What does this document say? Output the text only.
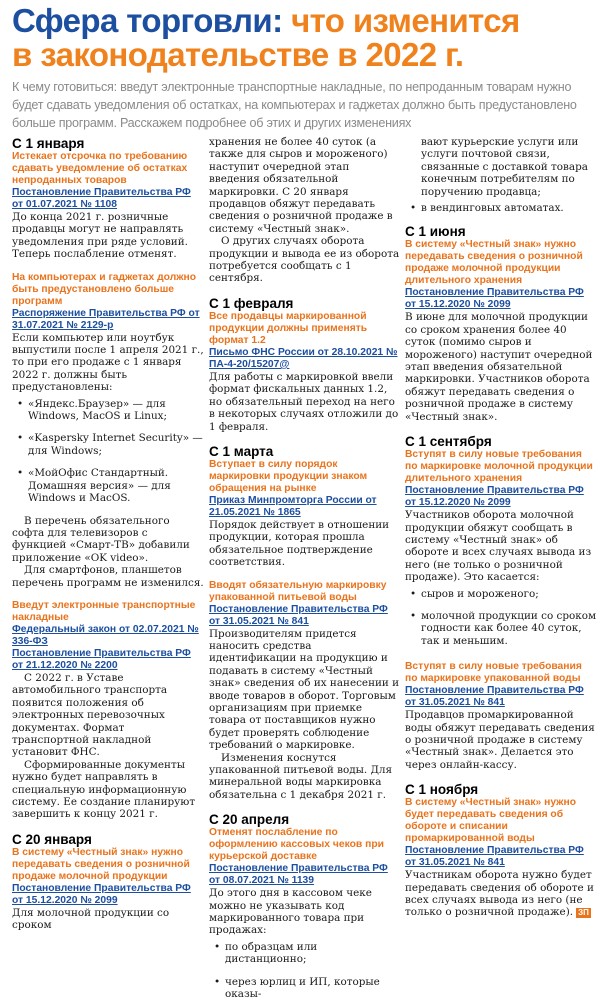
Сфера торговли: что изменится
в законодательстве в 2022 г.

К чему готовиться: введут электронные транспортные накладные, по непроданным товарам нужно будет сдавать уведомления об остатках, на компьютерах и гаджетах должно быть предустановлено больше программ. Расскажем подробнее об этих и других изменениях

С 1 января

Истекает отсрочка по требованию сдавать уведомление об остатках непроданных товаров

Постановление Правительства РФ от 01.07.2021 № 1108

До конца 2021 г. розничные продавцы могут не направлять уведомления при ряде условий. Теперь послабление отменят.

На компьютерах и гаджетах должно быть предустановлено больше программ

Распоряжение Правительства РФ от 31.07.2021 № 2129-р

Если компьютер или ноутбук выпустили после 1 апреля 2021 г., то при его продаже с 1 января 2022 г. должны быть предустановлены:

• «Яндекс.Браузер» — для Windows, MacOS и Linux;
• «Kaspersky Internet Security» — для Windows;
• «МойОфис Стандартный. Домашняя версия» — для Windows и MacOS.

В перечень обязательного софта для телевизоров с функцией «Смарт-ТВ» добавили приложение «OK video».

Для смартфонов, планшетов перечень программ не изменился.

Введут электронные транспортные накладные

Федеральный закон от 02.07.2021 № 336-ФЗ

Постановление Правительства РФ от 21.12.2020 № 2200

С 2022 г. в Уставе автомобильного транспорта появится положения об электронных перевозочных документах. Формат транспортной накладной установит ФНС.

Сформированные документы нужно будет направлять в специальную информационную систему. Ее создание планируют завершить к концу 2021 г.

С 20 января

В систему «Честный знак» нужно передавать сведения о розничной продаже молочной продукции

Постановление Правительства РФ от 15.12.2020 № 2099

Для молочной продукции со сроком

хранения не более 40 суток (а также для сыров и мороженого) наступит очередной этап введения обязательной маркировки. С 20 января продавцов обяжут передавать сведения о розничной продаже в систему «Честный знак».

О других случаях оборота продукции и вывода ее из оборота потребуется сообщать с 1 сентября.

С 1 февраля

Все продавцы маркированной продукции должны применять формат 1.2

Письмо ФНС России от 28.10.2021 № ПА-4-20/15207@

Для работы с маркировкой ввели формат фискальных данных 1.2, но обязательный переход на него в некоторых случаях отложили до 1 февраля.

С 1 марта

Вступает в силу порядок маркировки продукции знаком обращения на рынке

Приказ Минпромторга России от 21.05.2021 № 1865

Порядок действует в отношении продукции, которая прошла обязательное подтверждение соответствия.

Вводят обязательную маркировку упакованной питьевой воды

Постановление Правительства РФ от 31.05.2021 № 841

Производителям придется наносить средства идентификации на продукцию и подавать в систему «Честный знак» сведения об их нанесении и вводе товаров в оборот. Торговым организациям при приемке товара от поставщиков нужно будет проверять соблюдение требований о маркировке.

Изменения коснутся упакованной питьевой воды. Для минеральной воды маркировка обязательна с 1 декабря 2021 г.

С 20 апреля

Отменят послабление по оформлению кассовых чеков при курьерской доставке

Постановление Правительства РФ от 08.07.2021 № 1139

До этого дня в кассовом чеке можно не указывать код маркированного товара при продажах:

• по образцам или дистанционно;
• через юрлиц и ИП, которые оказы-

вают курьерские услуги или услуги почтовой связи, связанные с доставкой товара конечным потребителям по поручению продавца;

• в вендинговых автоматах.

С 1 июня

В систему «Честный знак» нужно передавать сведения о розничной продаже молочной продукции длительного хранения

Постановление Правительства РФ от 15.12.2020 № 2099

В июне для молочной продукции со сроком хранения более 40 суток (помимо сыров и мороженого) наступит очередной этап введения обязательной маркировки. Участников оборота обяжут передавать сведения о розничной продаже в систему «Честный знак».

С 1 сентября

Вступят в силу новые требования по маркировке молочной продукции длительного хранения

Постановление Правительства РФ от 15.12.2020 № 2099

Участников оборота молочной продукции обяжут сообщать в систему «Честный знак» об обороте и всех случаях вывода из него (не только о розничной продаже). Это касается:

• сыров и мороженого;
• молочной продукции со сроком годности как более 40 суток, так и меньшим.

Вступят в силу новые требования по маркировке упакованной воды

Постановление Правительства РФ от 31.05.2021 № 841

Продавцов промаркированной воды обяжут передавать сведения о розничной продаже в систему «Честный знак». Делается это через онлайн-кассу.

С 1 ноября

В систему «Честный знак» нужно будет передавать сведения об обороте и списании промаркированной воды

Постановление Правительства РФ от 31.05.2021 № 841

Участникам оборота нужно будет передавать сведения об обороте и всех случаях вывода из него (не только о розничной продаже). ЗП
